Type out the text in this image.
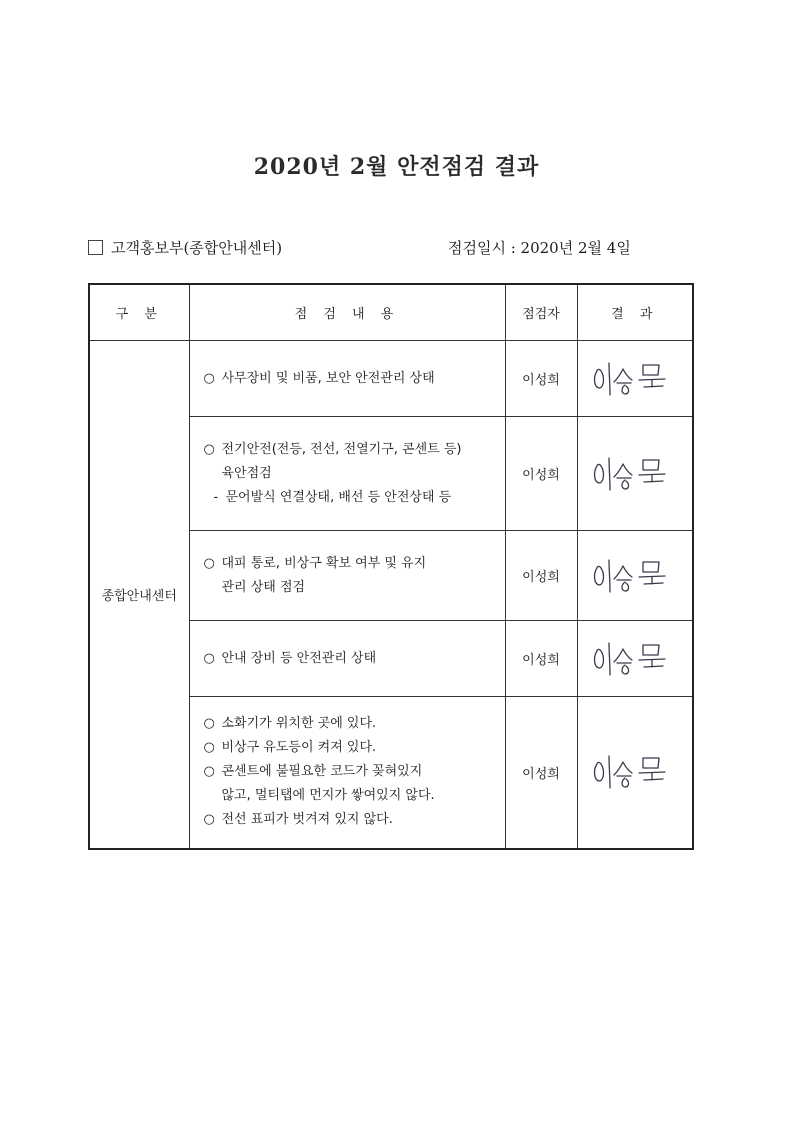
2020년 2월 안전점검 결과
고객홍보부(종합안내센터)	점검일시 : 2020년 2월 4일
구 분	점 검 내 용	점검자	결 과
종합안내센터	○ 사무장비 및 비품, 보안 안전관리 상태	이성희	

	○ 전기안전(전등, 전선, 전열기구, 콘센트 등)
육안점검
- 문어발식 연결상태, 배선 등 안전상태 등	이성희	

	○ 대피 통로, 비상구 확보 여부 및 유지
관리 상태 점검	이성희	

	○ 안내 장비 등 안전관리 상태	이성희	

	○ 소화기가 위치한 곳에 있다.
○ 비상구 유도등이 켜져 있다.
○ 콘센트에 불필요한 코드가 꽂혀있지
않고, 멀티탭에 먼지가 쌓여있지 않다.
○ 전선 표피가 벗겨져 있지 않다.	이성희	
